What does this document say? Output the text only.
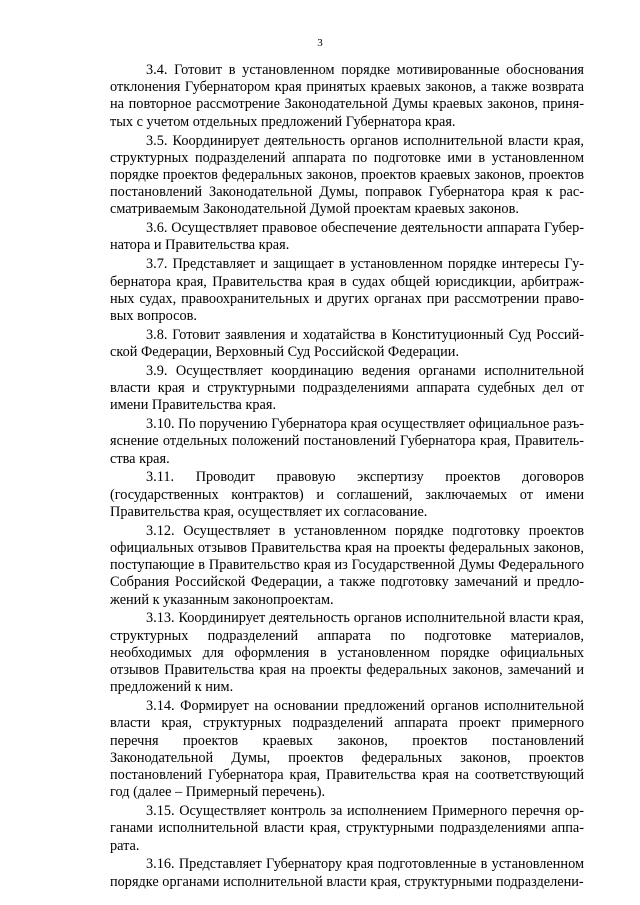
3

3.4. Готовит в установленном порядке мотивированные обоснования отклонения Губернатором края принятых краевых законов, а также возврата на повторное рассмотрение Законодательной Думы краевых законов, принятых с учетом отдельных предложений Губернатора края.

3.5. Координирует деятельность органов исполнительной власти края, структурных подразделений аппарата по подготовке ими в установленном порядке проектов федеральных законов, проектов краевых законов, проектов постановлений Законодательной Думы, поправок Губернатора края к рассматриваемым Законодательной Думой проектам краевых законов.

3.6. Осуществляет правовое обеспечение деятельности аппарата Губернатора и Правительства края.

3.7. Представляет и защищает в установленном порядке интересы Губернатора края, Правительства края в судах общей юрисдикции, арбитражных судах, правоохранительных и других органах при рассмотрении правовых вопросов.

3.8. Готовит заявления и ходатайства в Конституционный Суд Российской Федерации, Верховный Суд Российской Федерации.

3.9. Осуществляет координацию ведения органами исполнительной власти края и структурными подразделениями аппарата судебных дел от имени Правительства края.

3.10. По поручению Губернатора края осуществляет официальное разъяснение отдельных положений постановлений Губернатора края, Правительства края.

3.11. Проводит правовую экспертизу проектов договоров (государственных контрактов) и соглашений, заключаемых от имени Правительства края, осуществляет их согласование.

3.12. Осуществляет в установленном порядке подготовку проектов официальных отзывов Правительства края на проекты федеральных законов, поступающие в Правительство края из Государственной Думы Федерального Собрания Российской Федерации, а также подготовку замечаний и предложений к указанным законопроектам.

3.13. Координирует деятельность органов исполнительной власти края, структурных подразделений аппарата по подготовке материалов, необходимых для оформления в установленном порядке официальных отзывов Правительства края на проекты федеральных законов, замечаний и предложений к ним.

3.14. Формирует на основании предложений органов исполнительной власти края, структурных подразделений аппарата проект примерного перечня проектов краевых законов, проектов постановлений Законодательной Думы, проектов федеральных законов, проектов постановлений Губернатора края, Правительства края на соответствующий год (далее – Примерный перечень).

3.15. Осуществляет контроль за исполнением Примерного перечня органами исполнительной власти края, структурными подразделениями аппарата.

3.16. Представляет Губернатору края подготовленные в установленном порядке органами исполнительной власти края, структурными подразделени-
